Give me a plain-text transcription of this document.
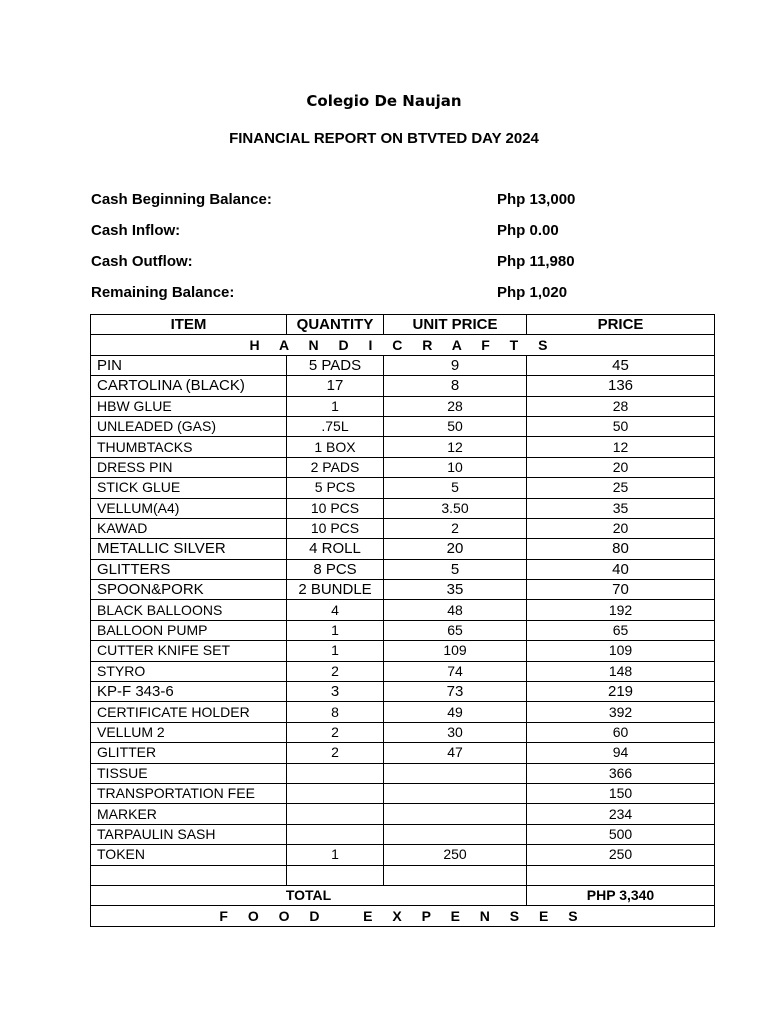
Colegio De Naujan
FINANCIAL REPORT ON BTVTED DAY 2024
Cash Beginning Balance:	Php 13,000
Cash Inflow:	Php 0.00
Cash Outflow:	Php 11,980
Remaining Balance:	Php 1,020
ITEM	QUANTITY	UNIT PRICE	PRICE
H A N D I C R A F T S			
PIN	5 PADS	9	45
CARTOLINA (BLACK)	17	8	136
HBW GLUE	1	28	28
UNLEADED (GAS)	.75L	50	50
THUMBTACKS	1 BOX	12	12
DRESS PIN	2 PADS	10	20
STICK GLUE	5 PCS	5	25
VELLUM(A4)	10 PCS	3.50	35
KAWAD	10 PCS	2	20
METALLIC SILVER	4 ROLL	20	80
GLITTERS	8 PCS	5	40
SPOON&PORK	2 BUNDLE	35	70
BLACK BALLOONS	4	48	192
BALLOON PUMP	1	65	65
CUTTER KNIFE SET	1	109	109
STYRO	2	74	148
KP-F 343-6	3	73	219
CERTIFICATE HOLDER	8	49	392
VELLUM 2	2	30	60
GLITTER	2	47	94
TISSUE			366
TRANSPORTATION FEE			150
MARKER			234
TARPAULIN SASH			500
TOKEN	1	250	250

TOTAL			PHP 3,340
F O O D   E X P E N S E S			
